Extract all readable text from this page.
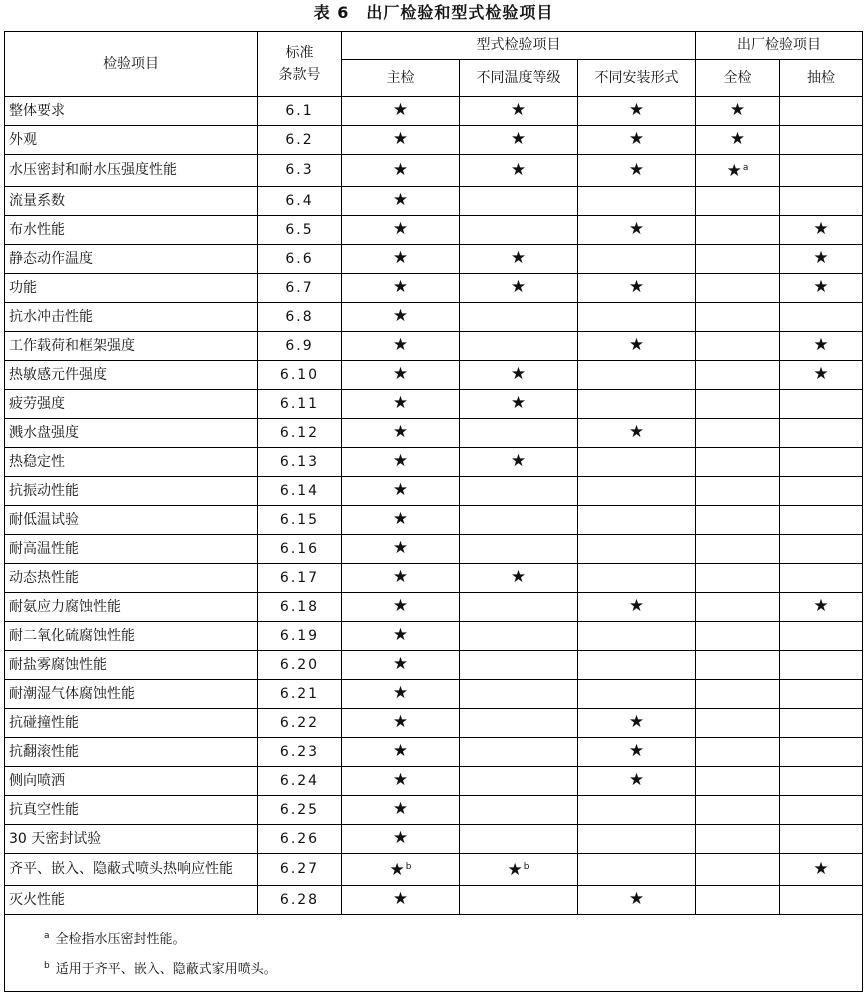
表 6　出厂检验和型式检验项目
检验项目	标准
条款号	型式检验项目			出厂检验项目	
		主检	不同温度等级	不同安装形式	全检	抽检
整体要求	6.1	★	★	★	★	
外观	6.2	★	★	★	★	
水压密封和耐水压强度性能	6.3	★	★	★	★$^a$	
流量系数	6.4	★				
布水性能	6.5	★		★		★
静态动作温度	6.6	★	★			★
功能	6.7	★	★	★		★
抗水冲击性能	6.8	★				
工作载荷和框架强度	6.9	★		★		★
热敏感元件强度	6.10	★	★			★
疲劳强度	6.11	★	★			
溅水盘强度	6.12	★		★		
热稳定性	6.13	★	★			
抗振动性能	6.14	★				
耐低温试验	6.15	★				
耐高温性能	6.16	★				
动态热性能	6.17	★	★			
耐氨应力腐蚀性能	6.18	★		★		★
耐二氧化硫腐蚀性能	6.19	★				
耐盐雾腐蚀性能	6.20	★				
耐潮湿气体腐蚀性能	6.21	★				
抗碰撞性能	6.22	★		★		
抗翻滚性能	6.23	★		★		
侧向喷洒	6.24	★		★		
抗真空性能	6.25	★				
30 天密封试验	6.26	★				
齐平、嵌入、隐蔽式喷头热响应性能	6.27	★$^b$	★$^b$			★
灭火性能	6.28	★		★		

$^a$ 全检指水压密封性能。
$^b$ 适用于齐平、嵌入、隐蔽式家用喷头。						
